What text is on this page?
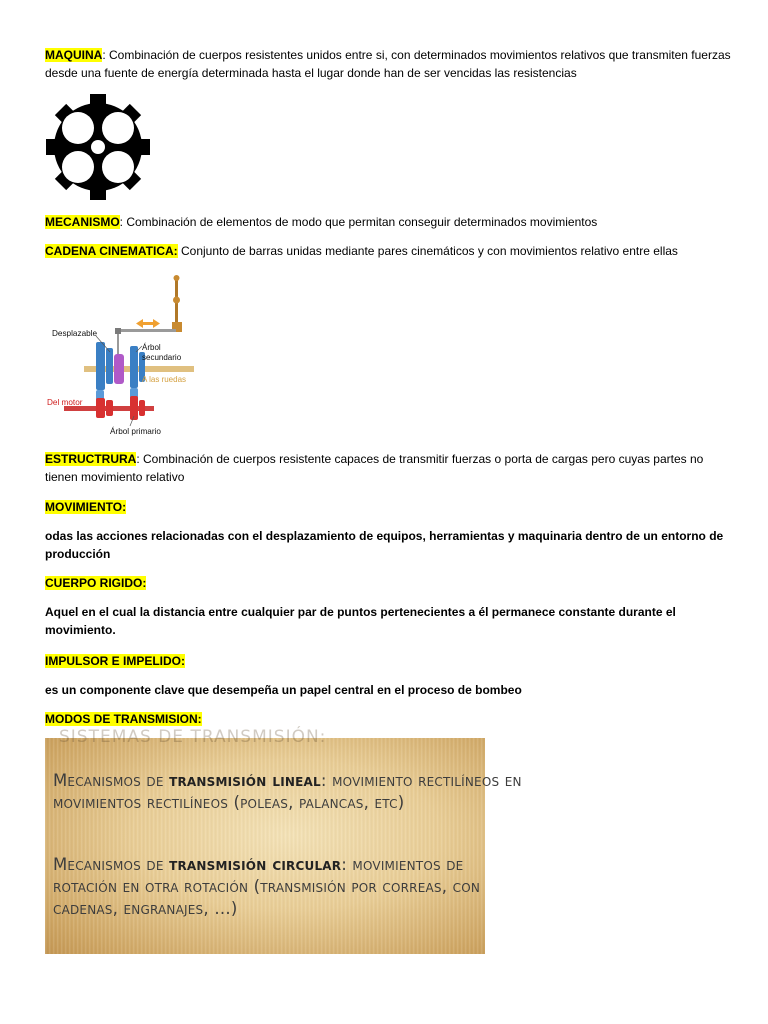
MAQUINA: Combinación de cuerpos resistentes unidos entre si, con determinados movimientos relativos que transmiten fuerzas desde una fuente de energía determinada hasta el lugar donde han de ser vencidas las resistencias
MECANISMO: Combinación de elementos de modo que permitan conseguir determinados movimientos
CADENA CINEMATICA: Conjunto de barras unidas mediante pares cinemáticos y con movimientos relativo entre ellas
Desplazable
Árbol
secundario
A las ruedas
Del motor
Árbol primario
ESTRUCTRURA: Combinación de cuerpos resistente capaces de transmitir fuerzas o porta de cargas pero cuyas partes no tienen movimiento relativo
MOVIMIENTO:
odas las acciones relacionadas con el desplazamiento de equipos, herramientas y maquinaria dentro de un entorno de producción
CUERPO RIGIDO:
Aquel en el cual la distancia entre cualquier par de puntos pertenecientes a él permanece constante durante el movimiento.
IMPULSOR E IMPELIDO:
es un componente clave que desempeña un papel central en el proceso de bombeo
MODOS DE TRANSMISION:
SISTEMAS DE TRANSMISIÓN:
Mecanismos de transmisión lineal: movimiento rectilíneos en movimientos rectilíneos (poleas, palancas, etc)
Mecanismos de transmisión circular: movimientos de rotación en otra rotación (transmisión por correas, con cadenas, engranajes, …)
